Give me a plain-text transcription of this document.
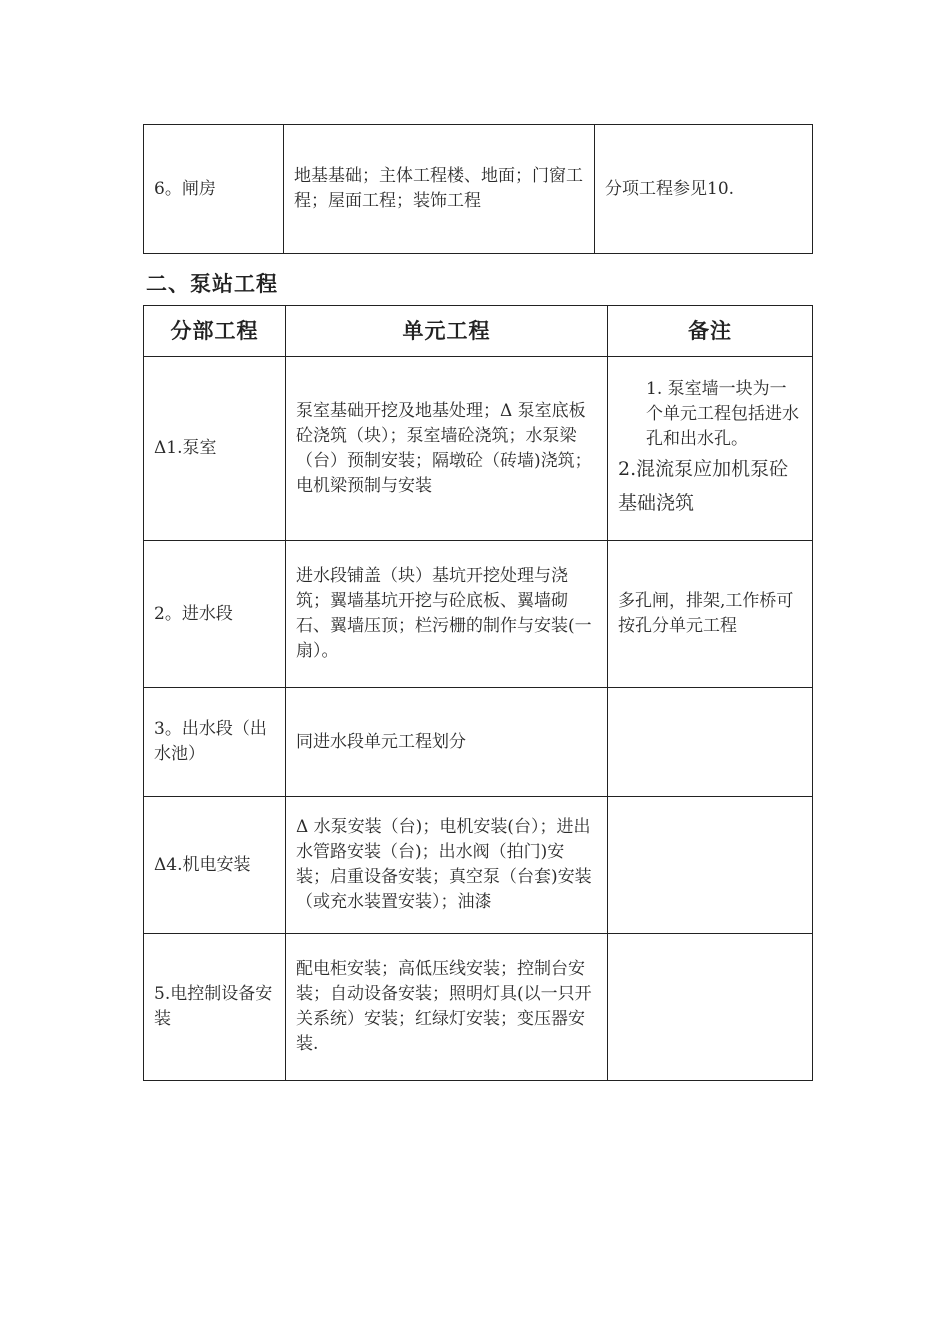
6。闸房	地基基础；主体工程楼、地面；门窗工程；屋面工程；装饰工程	分项工程参见10.
二、泵站工程
分部工程	单元工程	备注
Δ1.泵室	泵室基础开挖及地基处理；Δ 泵室底板砼浇筑（块）；泵室墙砼浇筑；水泵梁（台）预制安装；隔墩砼（砖墙)浇筑；电机梁预制与安装	1. 泵室墙一块为一个单元工程包括进水孔和出水孔。
2.混流泵应加机泵砼基础浇筑

2。进水段	进水段铺盖（块）基坑开挖处理与浇筑；翼墙基坑开挖与砼底板、翼墙砌石、翼墙压顶；栏污栅的制作与安装(一扇）。	多孔闸，排架,工作桥可按孔分单元工程
3。出水段（出水池）	同进水段单元工程划分	
Δ4.机电安装	Δ 水泵安装（台)；电机安装(台）；进出水管路安装（台)；出水阀（拍门)安装；启重设备安装；真空泵（台套)安装（或充水装置安装）；油漆	
5.电控制设备安装	配电柜安装；高低压线安装；控制台安装；自动设备安装；照明灯具(以一只开关系统）安装；红绿灯安装；变压器安装.	
